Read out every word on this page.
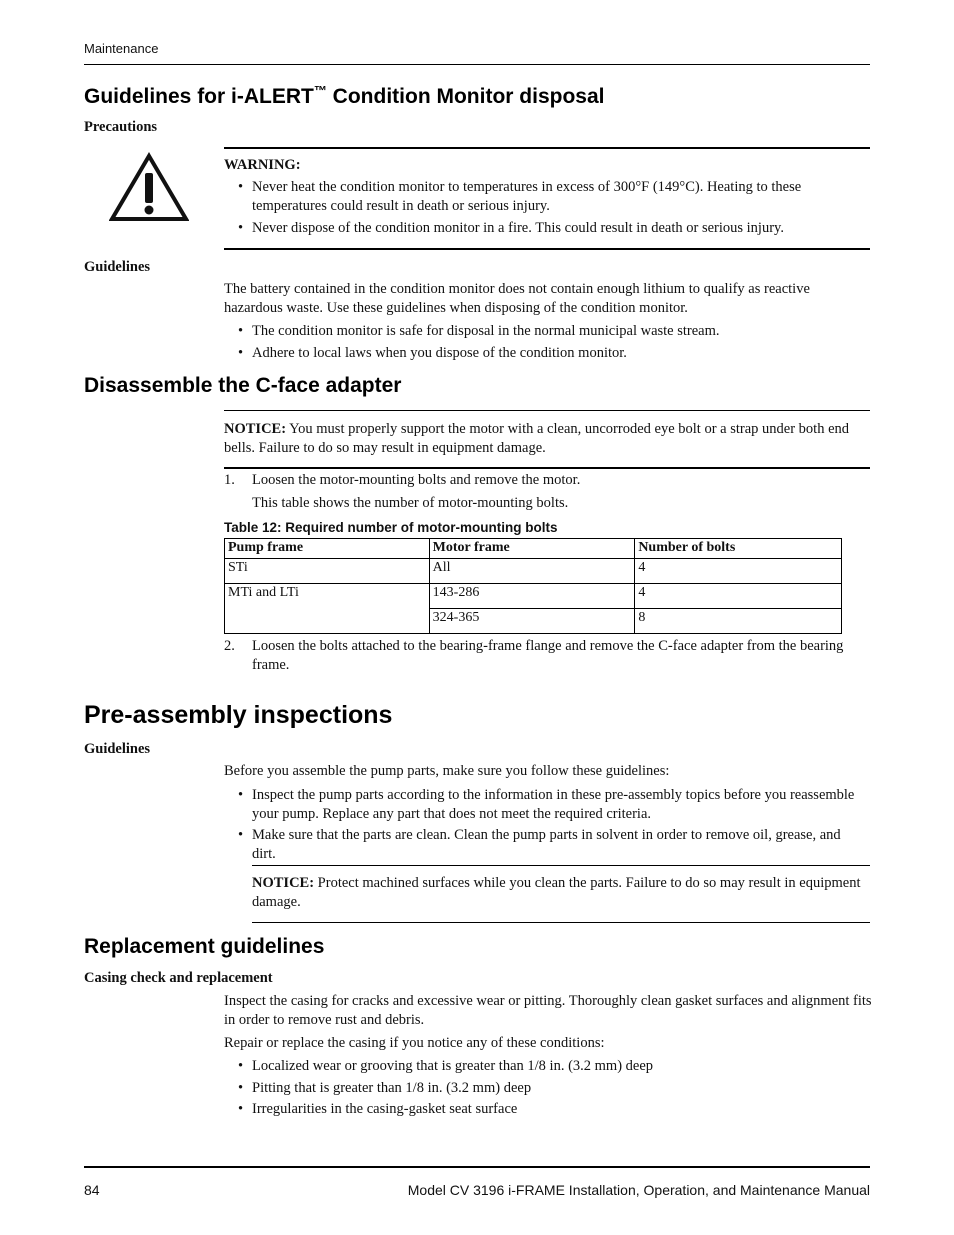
Maintenance
Guidelines for i-ALERT™ Condition Monitor disposal
Precautions
WARNING:
• Never heat the condition monitor to temperatures in excess of 300°F (149°C). Heating to these temperatures could result in death or serious injury.
• Never dispose of the condition monitor in a fire. This could result in death or serious injury.
Guidelines
The battery contained in the condition monitor does not contain enough lithium to qualify as reactive hazardous waste. Use these guidelines when disposing of the condition monitor.
• The condition monitor is safe for disposal in the normal municipal waste stream.
• Adhere to local laws when you dispose of the condition monitor.
Disassemble the C-face adapter
NOTICE: You must properly support the motor with a clean, uncorroded eye bolt or a strap under both end bells. Failure to do so may result in equipment damage.
1. Loosen the motor-mounting bolts and remove the motor.
This table shows the number of motor-mounting bolts.
Table 12: Required number of motor-mounting bolts
Pump frame	Motor frame	Number of bolts
STi	All	4
MTi and LTi	143-286	4
	324-365	8
2. Loosen the bolts attached to the bearing-frame flange and remove the C-face adapter from the bearing frame.
Pre-assembly inspections
Guidelines
Before you assemble the pump parts, make sure you follow these guidelines:
• Inspect the pump parts according to the information in these pre-assembly topics before you reassemble your pump. Replace any part that does not meet the required criteria.
• Make sure that the parts are clean. Clean the pump parts in solvent in order to remove oil, grease, and dirt.
NOTICE: Protect machined surfaces while you clean the parts. Failure to do so may result in equipment damage.
Replacement guidelines
Casing check and replacement
Inspect the casing for cracks and excessive wear or pitting. Thoroughly clean gasket surfaces and alignment fits in order to remove rust and debris.
Repair or replace the casing if you notice any of these conditions:
• Localized wear or grooving that is greater than 1/8 in. (3.2 mm) deep
• Pitting that is greater than 1/8 in. (3.2 mm) deep
• Irregularities in the casing-gasket seat surface
84	Model CV 3196 i-FRAME Installation, Operation, and Maintenance Manual
